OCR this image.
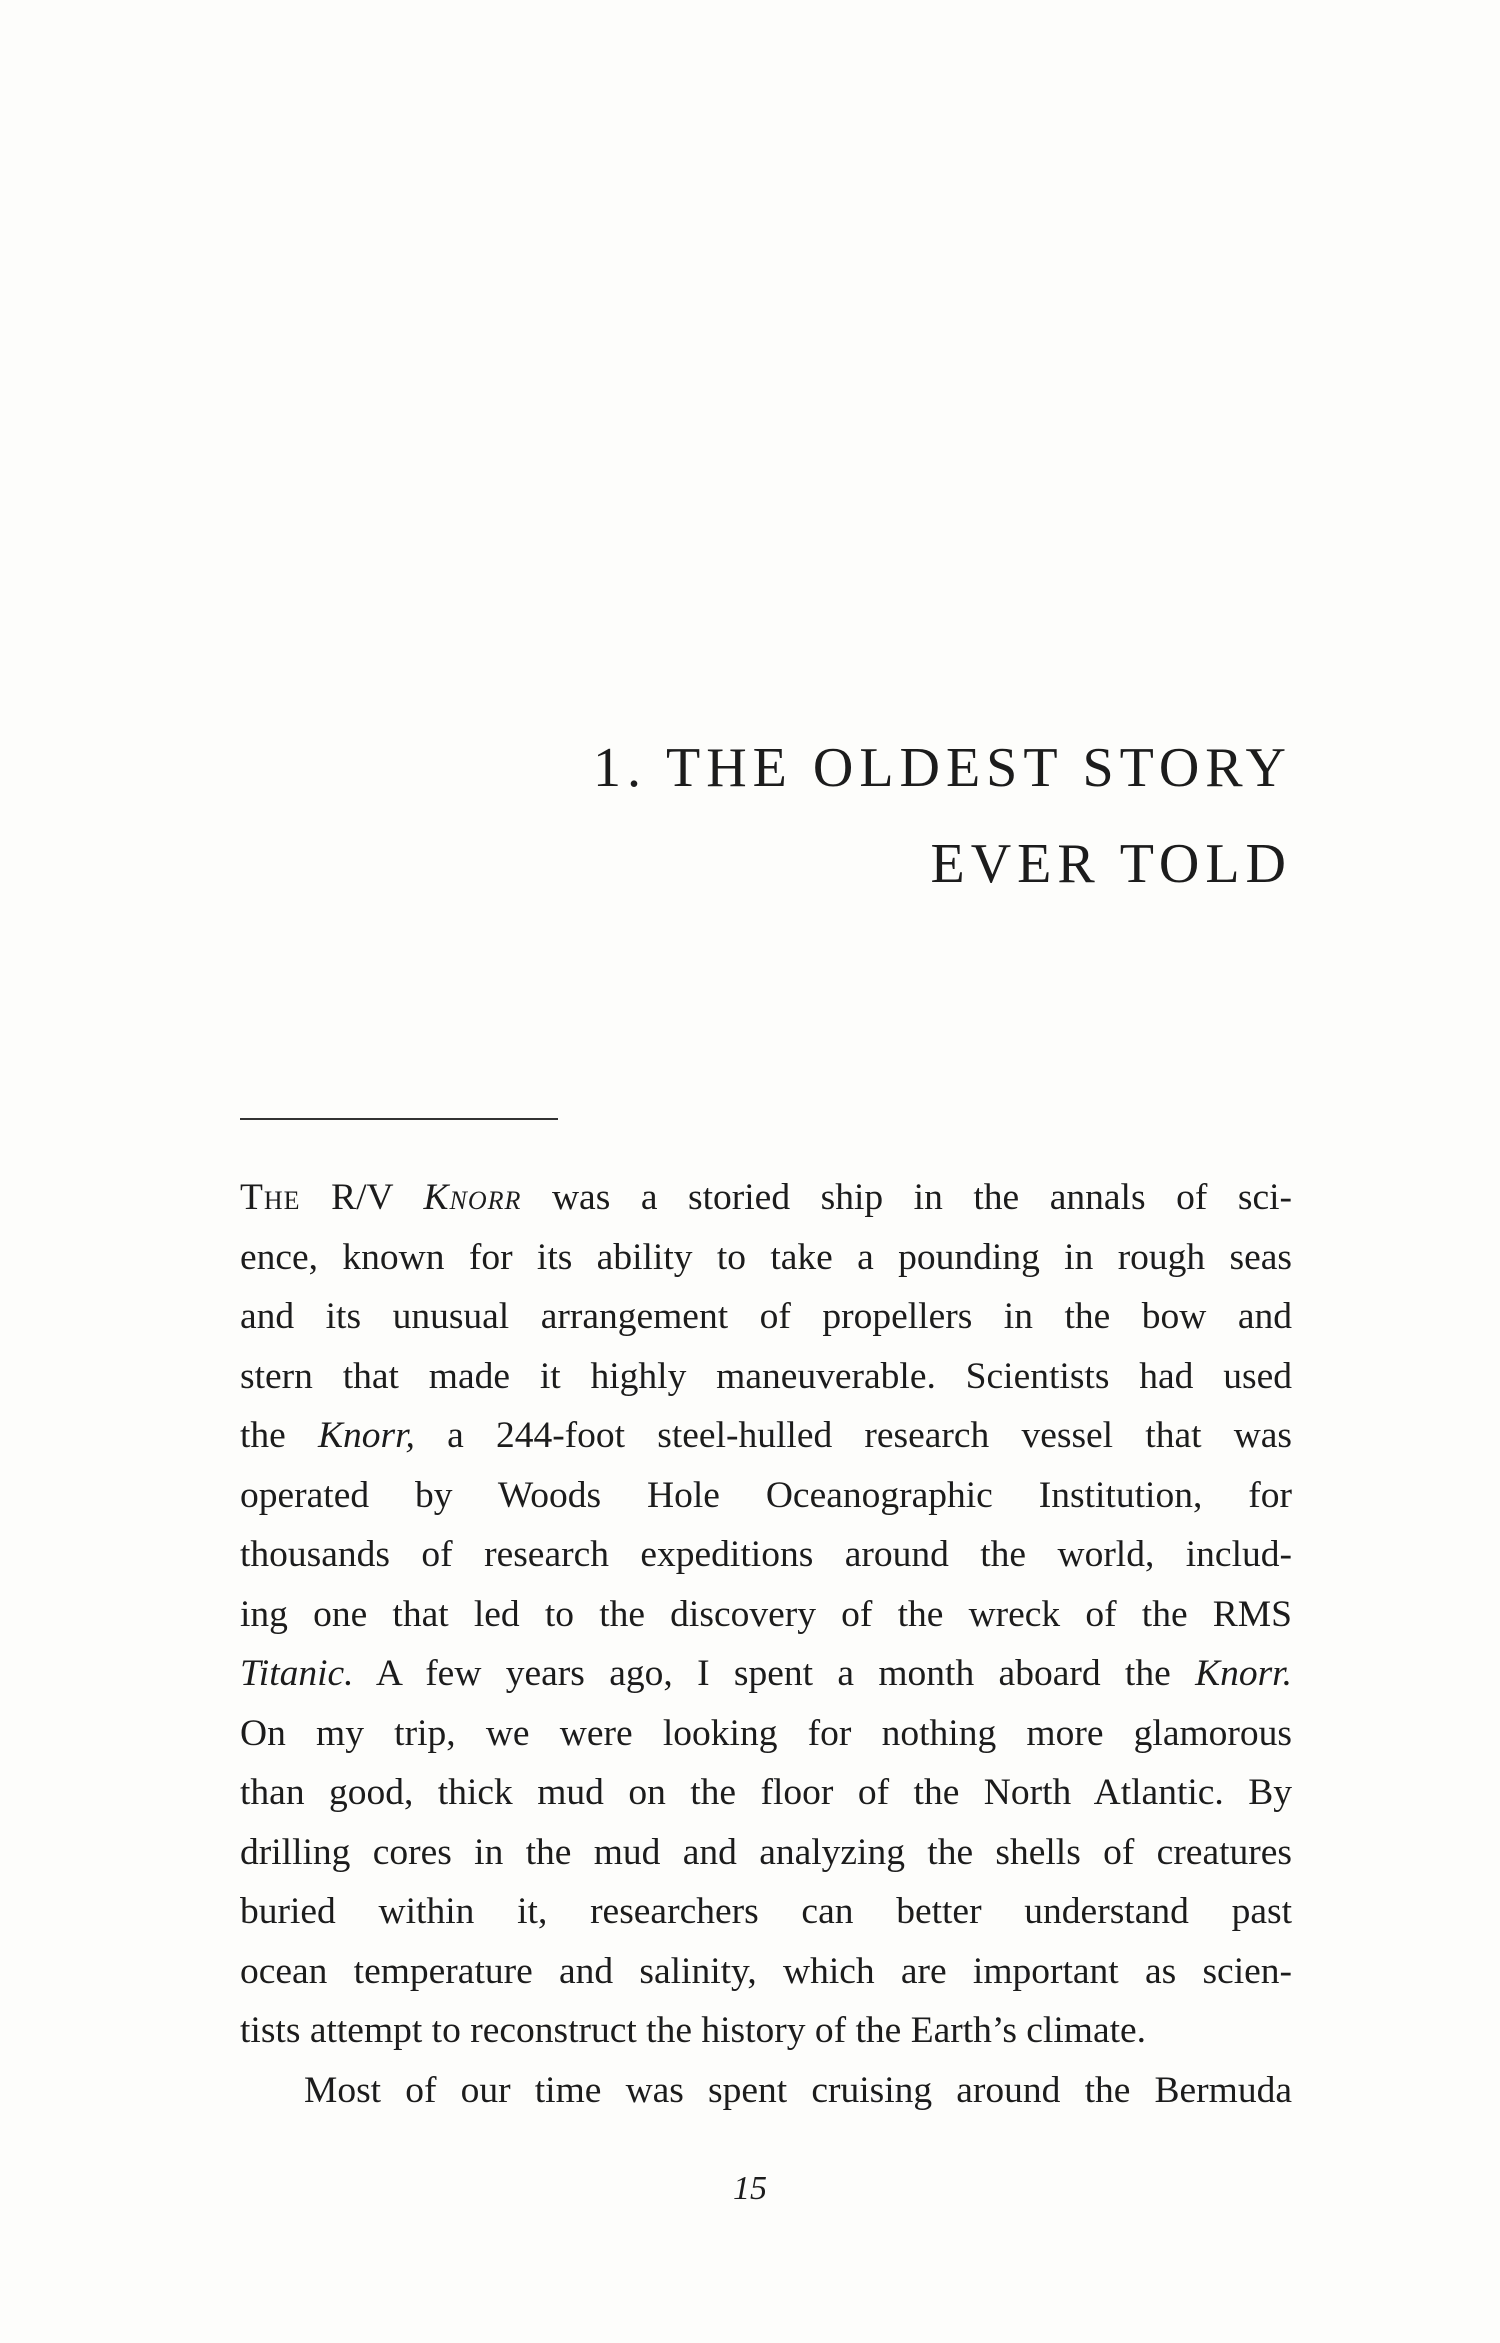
1. THE OLDEST STORY
EVER TOLD
The R/V Knorr was a storied ship in the annals of sci-
ence, known for its ability to take a pounding in rough seas
and its unusual arrangement of propellers in the bow and
stern that made it highly maneuverable. Scientists had used
the Knorr, a 244-foot steel-hulled research vessel that was
operated by Woods Hole Oceanographic Institution, for
thousands of research expeditions around the world, includ-
ing one that led to the discovery of the wreck of the RMS
Titanic. A few years ago, I spent a month aboard the Knorr.
On my trip, we were looking for nothing more glamorous
than good, thick mud on the floor of the North Atlantic. By
drilling cores in the mud and analyzing the shells of creatures
buried within it, researchers can better understand past
ocean temperature and salinity, which are important as scien-
tists attempt to reconstruct the history of the Earth’s climate.
Most of our time was spent cruising around the Bermuda
15
